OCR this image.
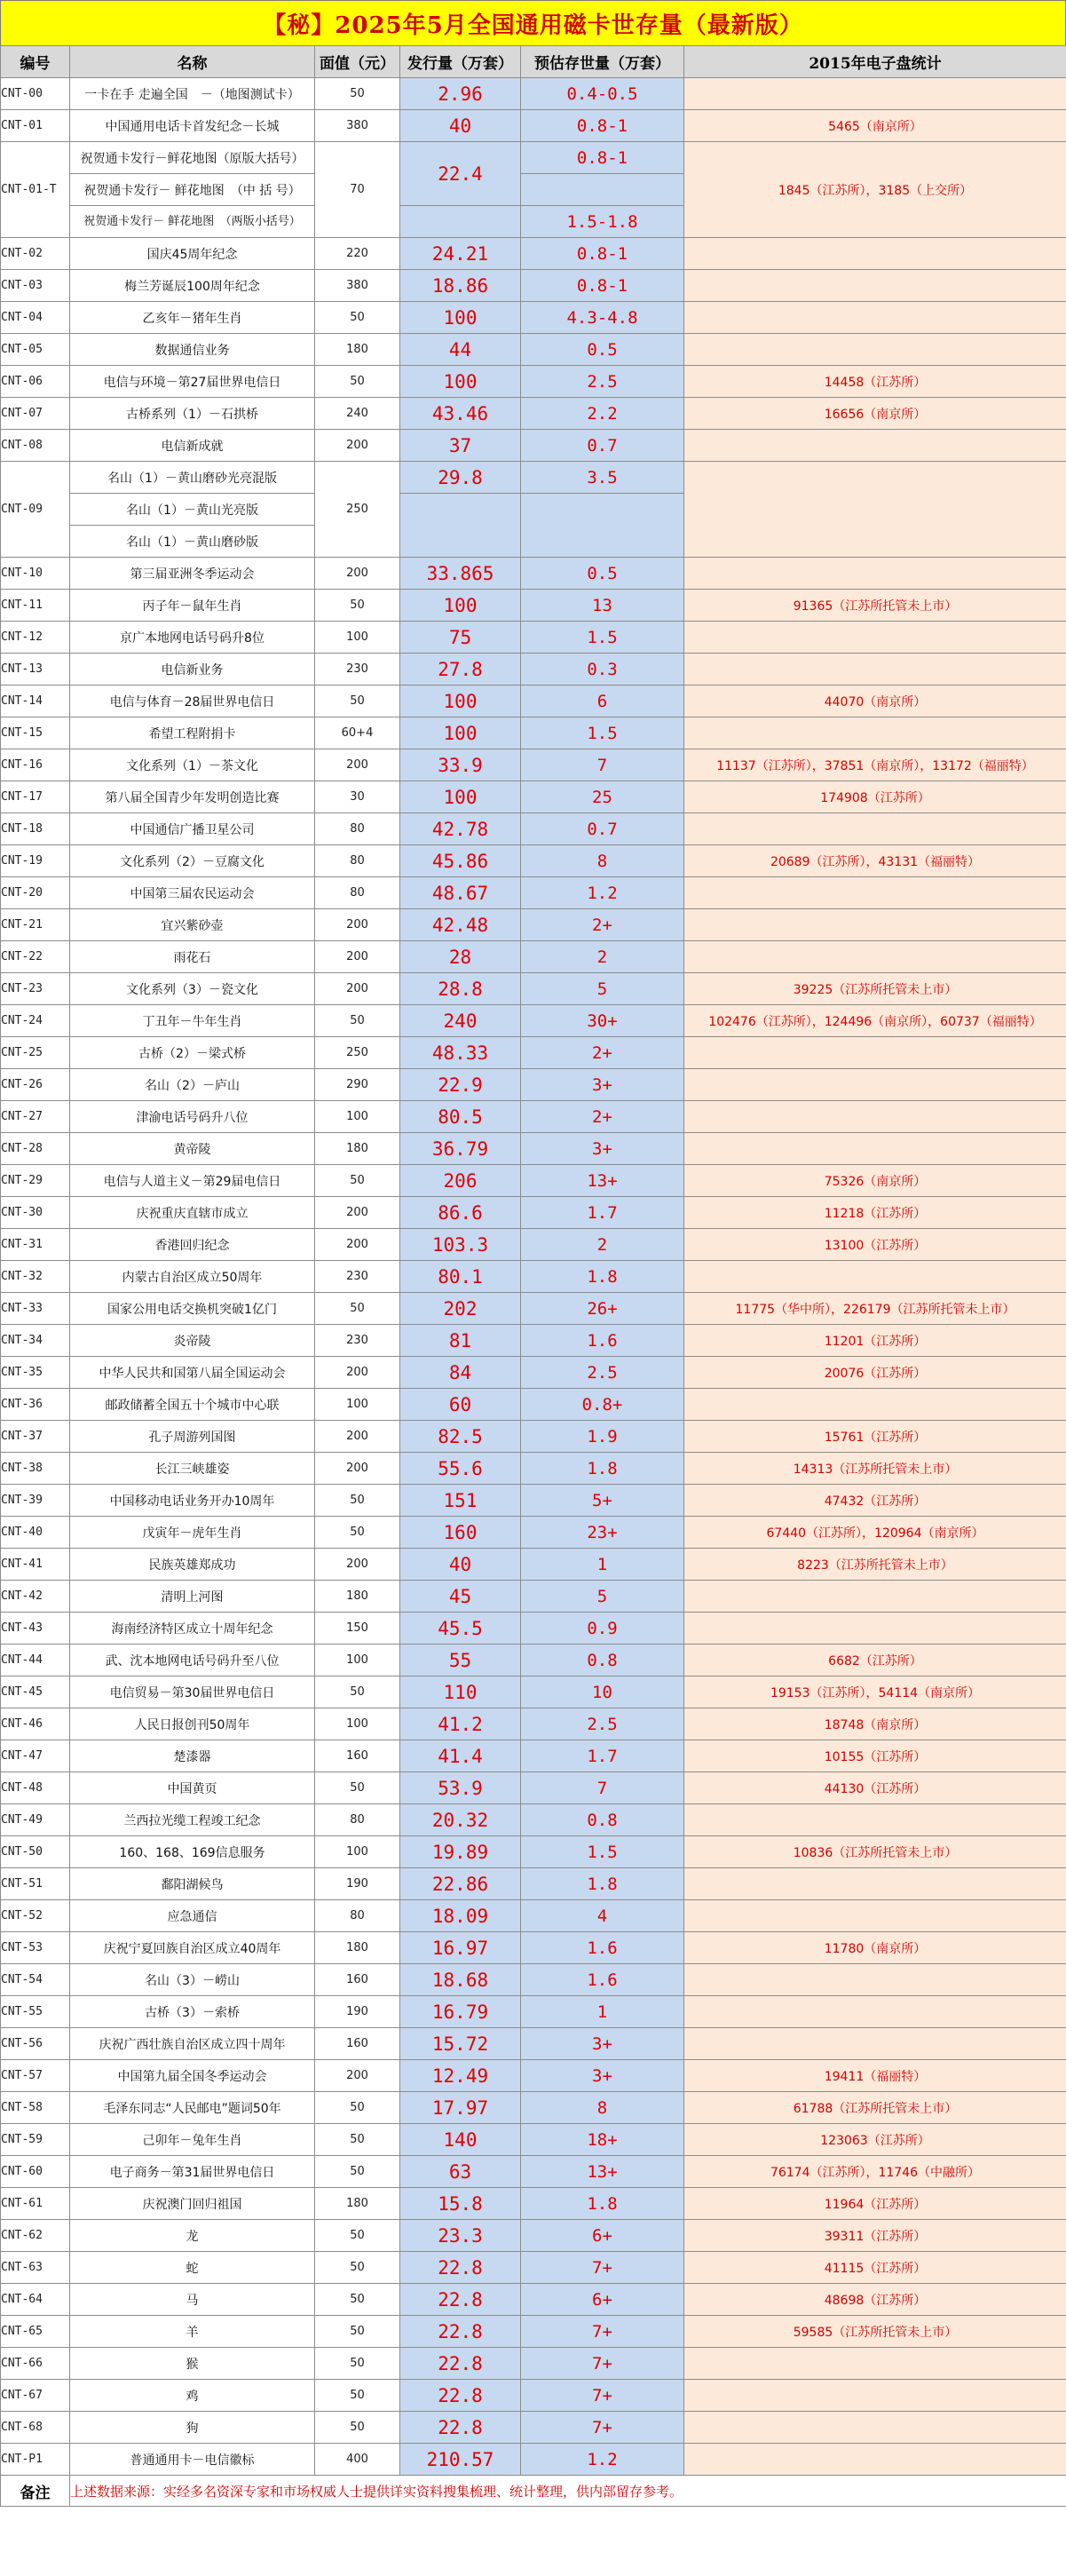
【秘】2025年5月全国通用磁卡世存量（最新版）
编号	名称	面值（元）	发行量（万套）	预估存世量（万套）	2015年电子盘统计
CNT-00	一卡在手 走遍全国　－（地图测试卡）	50	2.96	0.4-0.5	
CNT-01	中国通用电话卡首发纪念－长城	380	40	0.8-1	5465（南京所）
CNT-01-T	祝贺通卡发行－鲜花地图（原版大括号）	70	22.4	0.8-1	1845（江苏所），3185（上交所）
	祝贺通卡发行－ 鲜花地图　（中 括 号）				
	祝贺通卡发行－ 鲜花地图　（两版小括号）			1.5-1.8	
CNT-02	国庆45周年纪念	220	24.21	0.8-1	
CNT-03	梅兰芳诞辰100周年纪念	380	18.86	0.8-1	
CNT-04	乙亥年－猪年生肖	50	100	4.3-4.8	
CNT-05	数据通信业务	180	44	0.5	
CNT-06	电信与环境－第27届世界电信日	50	100	2.5	14458（江苏所）
CNT-07	古桥系列（1）－石拱桥	240	43.46	2.2	16656（南京所）
CNT-08	电信新成就	200	37	0.7	
CNT-09	名山（1）－黄山磨砂光亮混版	250	29.8	3.5	
	名山（1）－黄山光亮版				
	名山（1）－黄山磨砂版				
CNT-10	第三届亚洲冬季运动会	200	33.865	0.5	
CNT-11	丙子年－鼠年生肖	50	100	13	91365（江苏所托管未上市）
CNT-12	京广本地网电话号码升8位	100	75	1.5	
CNT-13	电信新业务	230	27.8	0.3	
CNT-14	电信与体育－28届世界电信日	50	100	6	44070（南京所）
CNT-15	希望工程附捐卡	60+4	100	1.5	
CNT-16	文化系列（1）－茶文化	200	33.9	7	11137（江苏所），37851（南京所），13172（福丽特）
CNT-17	第八届全国青少年发明创造比赛	30	100	25	174908（江苏所）
CNT-18	中国通信广播卫星公司	80	42.78	0.7	
CNT-19	文化系列（2）－豆腐文化	80	45.86	8	20689（江苏所），43131（福丽特）
CNT-20	中国第三届农民运动会	80	48.67	1.2	
CNT-21	宜兴紫砂壶	200	42.48	2+	
CNT-22	雨花石	200	28	2	
CNT-23	文化系列（3）－瓷文化	200	28.8	5	39225（江苏所托管未上市）
CNT-24	丁丑年－牛年生肖	50	240	30+	102476（江苏所），124496（南京所），60737（福丽特）
CNT-25	古桥（2）－梁式桥	250	48.33	2+	
CNT-26	名山（2）－庐山	290	22.9	3+	
CNT-27	津渝电话号码升八位	100	80.5	2+	
CNT-28	黄帝陵	180	36.79	3+	
CNT-29	电信与人道主义－第29届电信日	50	206	13+	75326（南京所）
CNT-30	庆祝重庆直辖市成立	200	86.6	1.7	11218（江苏所）
CNT-31	香港回归纪念	200	103.3	2	13100（江苏所）
CNT-32	内蒙古自治区成立50周年	230	80.1	1.8	
CNT-33	国家公用电话交换机突破1亿门	50	202	26+	11775（华中所），226179（江苏所托管未上市）
CNT-34	炎帝陵	230	81	1.6	11201（江苏所）
CNT-35	中华人民共和国第八届全国运动会	200	84	2.5	20076（江苏所）
CNT-36	邮政储蓄全国五十个城市中心联	100	60	0.8+	
CNT-37	孔子周游列国图	200	82.5	1.9	15761（江苏所）
CNT-38	长江三峡雄姿	200	55.6	1.8	14313（江苏所托管未上市）
CNT-39	中国移动电话业务开办10周年	50	151	5+	47432（江苏所）
CNT-40	戊寅年－虎年生肖	50	160	23+	67440（江苏所），120964（南京所）
CNT-41	民族英雄郑成功	200	40	1	8223（江苏所托管未上市）
CNT-42	清明上河图	180	45	5	
CNT-43	海南经济特区成立十周年纪念	150	45.5	0.9	
CNT-44	武、沈本地网电话号码升至八位	100	55	0.8	6682（江苏所）
CNT-45	电信贸易－第30届世界电信日	50	110	10	19153（江苏所），54114（南京所）
CNT-46	人民日报创刊50周年	100	41.2	2.5	18748（南京所）
CNT-47	楚漆器	160	41.4	1.7	10155（江苏所）
CNT-48	中国黄页	50	53.9	7	44130（江苏所）
CNT-49	兰西拉光缆工程竣工纪念	80	20.32	0.8	
CNT-50	160、168、169信息服务	100	19.89	1.5	10836（江苏所托管未上市）
CNT-51	鄱阳湖候鸟	190	22.86	1.8	
CNT-52	应急通信	80	18.09	4	
CNT-53	庆祝宁夏回族自治区成立40周年	180	16.97	1.6	11780（南京所）
CNT-54	名山（3）－崂山	160	18.68	1.6	
CNT-55	古桥（3）－索桥	190	16.79	1	
CNT-56	庆祝广西壮族自治区成立四十周年	160	15.72	3+	
CNT-57	中国第九届全国冬季运动会	200	12.49	3+	19411（福丽特）
CNT-58	毛泽东同志“人民邮电”题词50年	50	17.97	8	61788（江苏所托管未上市）
CNT-59	己卯年－兔年生肖	50	140	18+	123063（江苏所）
CNT-60	电子商务－第31届世界电信日	50	63	13+	76174（江苏所），11746（中融所）
CNT-61	庆祝澳门回归祖国	180	15.8	1.8	11964（江苏所）
CNT-62	龙	50	23.3	6+	39311（江苏所）
CNT-63	蛇	50	22.8	7+	41115（江苏所）
CNT-64	马	50	22.8	6+	48698（江苏所）
CNT-65	羊	50	22.8	7+	59585（江苏所托管未上市）
CNT-66	猴	50	22.8	7+	
CNT-67	鸡	50	22.8	7+	
CNT-68	狗	50	22.8	7+	
CNT-P1	普通通用卡－电信徽标	400	210.57	1.2	
备注	上述数据来源：实经多名资深专家和市场权威人士提供详实资料搜集梳理、统计整理，供内部留存参考。				
